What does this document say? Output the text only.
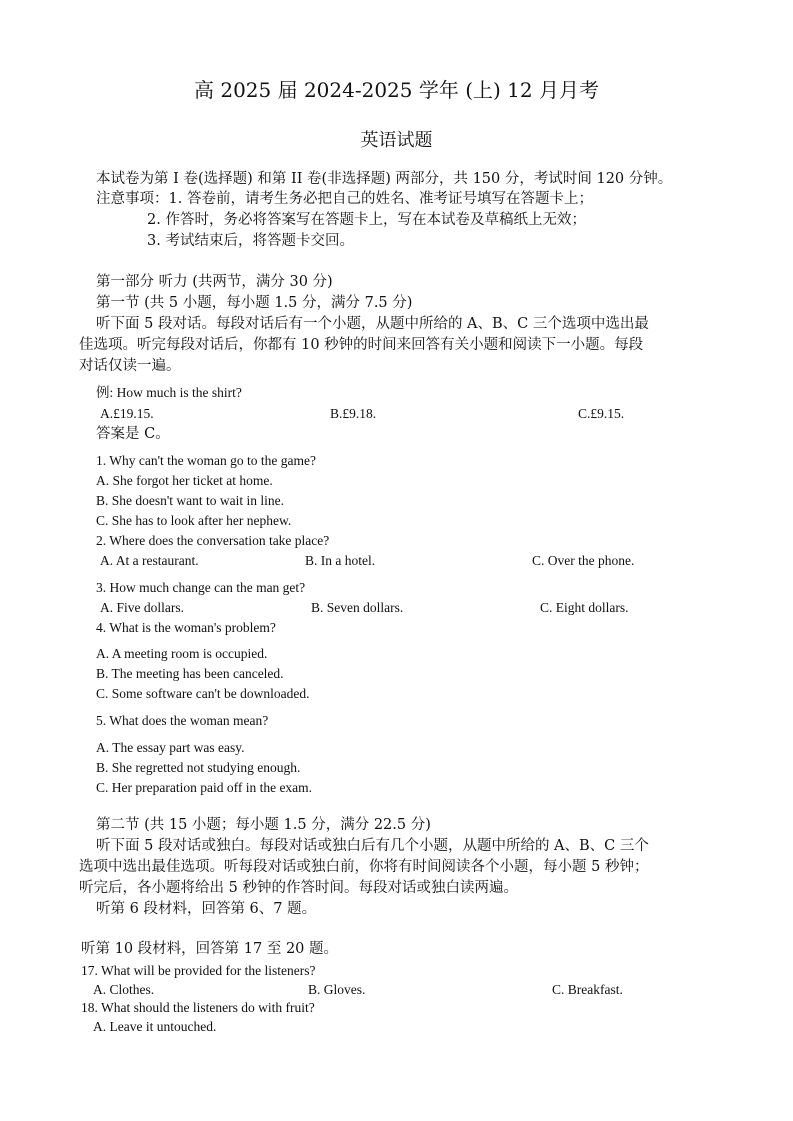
高 2025 届 2024-2025 学年 (上) 12 月月考
英语试题
本试卷为第 I 卷(选择题) 和第 II 卷(非选择题) 两部分，共 150 分，考试时间 120 分钟。
注意事项：1. 答卷前，请考生务必把自己的姓名、准考证号填写在答题卡上；
2. 作答时，务必将答案写在答题卡上，写在本试卷及草稿纸上无效；
3. 考试结束后，将答题卡交回。
第一部分 听力 (共两节，满分 30 分)
第一节 (共 5 小题，每小题 1.5 分，满分 7.5 分)
听下面 5 段对话。每段对话后有一个小题，从题中所给的 A、B、C 三个选项中选出最
佳选项。听完每段对话后，你都有 10 秒钟的时间来回答有关小题和阅读下一小题。每段
对话仅读一遍。
例: How much is the shirt?
A.£19.15.	B.£9.18.	C.£9.15.
答案是 C。
1. Why can't the woman go to the game?
A. She forgot her ticket at home.
B. She doesn't want to wait in line.
C. She has to look after her nephew.
2. Where does the conversation take place?
A. At a restaurant.	B. In a hotel.	C. Over the phone.
3. How much change can the man get?
A. Five dollars.	B. Seven dollars.	C. Eight dollars.
4. What is the woman's problem?
A. A meeting room is occupied.
B. The meeting has been canceled.
C. Some software can't be downloaded.
5. What does the woman mean?
A. The essay part was easy.
B. She regretted not studying enough.
C. Her preparation paid off in the exam.
第二节 (共 15 小题；每小题 1.5 分，满分 22.5 分)
听下面 5 段对话或独白。每段对话或独白后有几个小题，从题中所给的 A、B、C 三个
选项中选出最佳选项。听每段对话或独白前，你将有时间阅读各个小题，每小题 5 秒钟；
听完后，各小题将给出 5 秒钟的作答时间。每段对话或独白读两遍。
听第 6 段材料，回答第 6、7 题。
听第 10 段材料，回答第 17 至 20 题。
17. What will be provided for the listeners?
A. Clothes.	B. Gloves.	C. Breakfast.
18. What should the listeners do with fruit?
A. Leave it untouched.
